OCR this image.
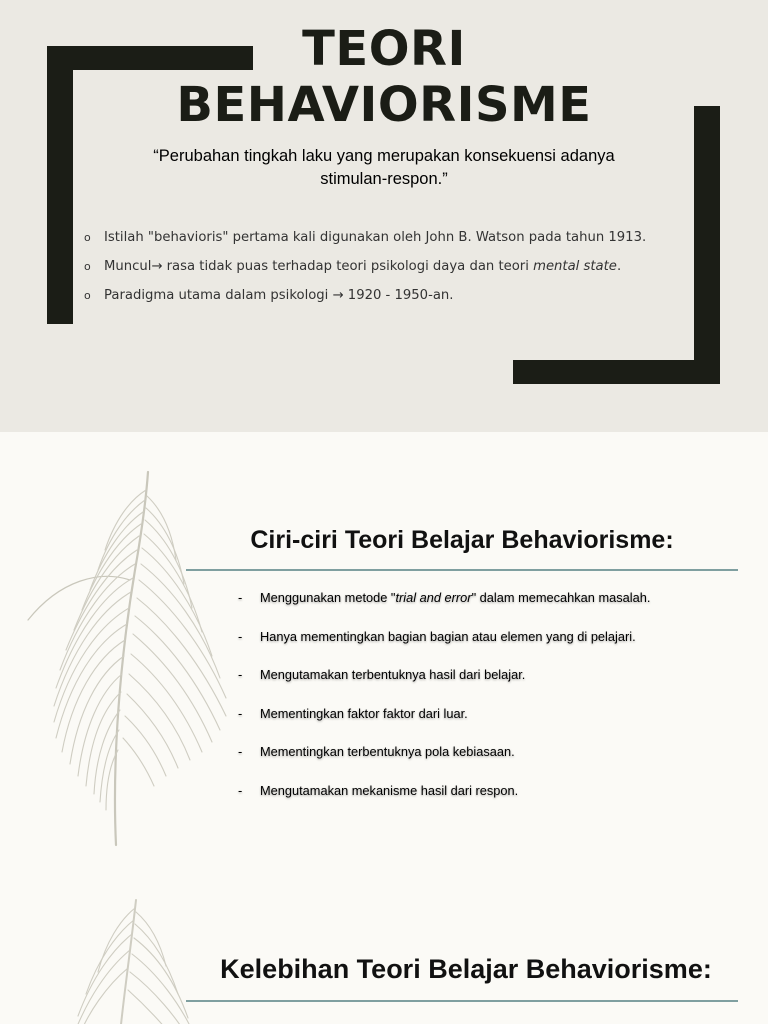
TEORI
BEHAVIORISME

“Perubahan tingkah laku yang merupakan konsekuensi adanya

stimulan-respon.”

o Istilah "behavioris" pertama kali digunakan oleh John B. Watson pada tahun 1913.
o Muncul→ rasa tidak puas terhadap teori psikologi daya dan teori mental state.
o Paradigma utama dalam psikologi → 1920 - 1950-an.
Ciri-ciri Teori Belajar Behaviorisme:
- Menggunakan metode "trial and error" dalam memecahkan masalah.
- Hanya mementingkan bagian bagian atau elemen yang di pelajari.
- Mengutamakan terbentuknya hasil dari belajar.
- Mementingkan faktor faktor dari luar.
- Mementingkan terbentuknya pola kebiasaan.
- Mengutamakan mekanisme hasil dari respon.
Kelebihan Teori Belajar Behaviorisme:
